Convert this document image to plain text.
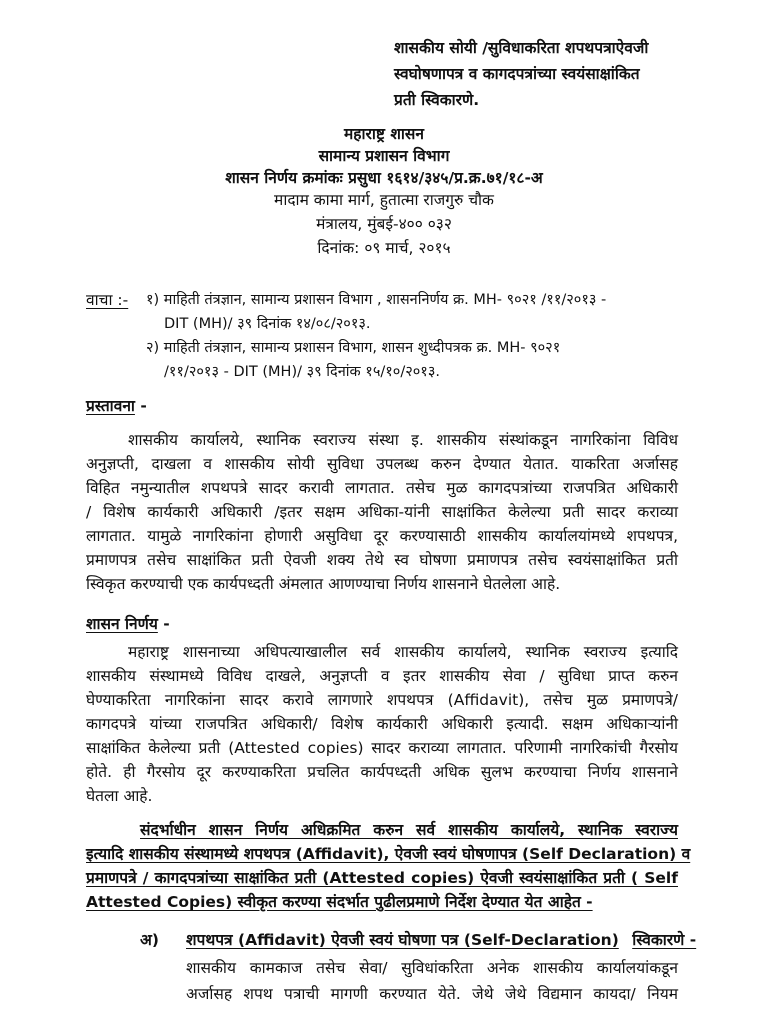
शासकीय सोयी /सुविधाकरिता शपथपत्राऐवजी
स्वघोषणापत्र व कागदपत्रांच्या स्वयंसाक्षांकित
प्रती स्विकारणे.
महाराष्ट्र शासन
सामान्य प्रशासन विभाग
शासन निर्णय क्रमांकः प्रसुधा १६१४/३४५/प्र.क्र.७१/१८-अ
मादाम कामा मार्ग, हुतात्मा राजगुरु चौक
मंत्रालय, मुंबई-४०० ०३२
दिनांक: ०९ मार्च, २०१५
वाचा :- १) माहिती तंत्रज्ञान, सामान्य प्रशासन विभाग , शासननिर्णय क्र. MH- ९०२१ /११/२०१३ -
DIT (MH)/ ३९ दिनांक १४/०८/२०१३.
२) माहिती तंत्रज्ञान, सामान्य प्रशासन विभाग, शासन शुध्दीपत्रक क्र. MH- ९०२१
/११/२०१३ - DIT (MH)/ ३९ दिनांक १५/१०/२०१३.
प्रस्तावना -
शासकीय कार्यालये, स्थानिक स्वराज्य संस्था इ. शासकीय संस्थांकडून नागरिकांना विविध
अनुज्ञप्ती, दाखला व शासकीय सोयी सुविधा उपलब्ध करुन देण्यात येतात. याकरिता अर्जासह
विहित नमुन्यातील शपथपत्रे सादर करावी लागतात. तसेच मुळ कागदपत्रांच्या राजपत्रित अधिकारी
/ विशेष कार्यकारी अधिकारी /इतर सक्षम अधिका-यांनी साक्षांकित केलेल्या प्रती सादर कराव्या
लागतात. यामुळे नागरिकांना होणारी असुविधा दूर करण्यासाठी शासकीय कार्यालयांमध्ये शपथपत्र,
प्रमाणपत्र तसेच साक्षांकित प्रती ऐवजी शक्य तेथे स्व घोषणा प्रमाणपत्र तसेच स्वयंसाक्षांकित प्रती
स्विकृत करण्याची एक कार्यपध्दती अंमलात आणण्याचा निर्णय शासनाने घेतलेला आहे.
शासन निर्णय -
महाराष्ट्र शासनाच्या अधिपत्याखालील सर्व शासकीय कार्यालये, स्थानिक स्वराज्य इत्यादि
शासकीय संस्थामध्ये विविध दाखले, अनुज्ञप्ती व इतर शासकीय सेवा / सुविधा प्राप्त करुन
घेण्याकरिता नागरिकांना सादर करावे लागणारे शपथपत्र (Affidavit), तसेच मुळ प्रमाणपत्रे/
कागदपत्रे यांच्या राजपत्रित अधिकारी/ विशेष कार्यकारी अधिकारी इत्यादी. सक्षम अधिकाऱ्यांनी
साक्षांकित केलेल्या प्रती (Attested copies) सादर कराव्या लागतात. परिणामी नागरिकांची गैरसोय
होते. ही गैरसोय दूर करण्याकरिता प्रचलित कार्यपध्दती अधिक सुलभ करण्याचा निर्णय शासनाने
घेतला आहे.
संदर्भाधीन शासन निर्णय अधिक्रमित करुन सर्व शासकीय कार्यालये, स्थानिक स्वराज्य
इत्यादि शासकीय संस्थामध्ये शपथपत्र (Affidavit), ऐवजी स्वयं घोषणापत्र (Self Declaration) व
प्रमाणपत्रे / कागदपत्रांच्या साक्षांकित प्रती (Attested copies) ऐवजी स्वयंसाक्षांकित प्रती ( Self
Attested Copies) स्वीकृत करण्या संदर्भात पुढीलप्रमाणे निर्देश देण्यात येत आहेत -
अ) शपथपत्र (Affidavit) ऐवजी स्वयं घोषणा पत्र (Self-Declaration) स्विकारणे -
शासकीय कामकाज तसेच सेवा/ सुविधांकरिता अनेक शासकीय कार्यालयांकडून
अर्जासह शपथ पत्राची मागणी करण्यात येते. जेथे जेथे विद्यमान कायदा/ नियम
